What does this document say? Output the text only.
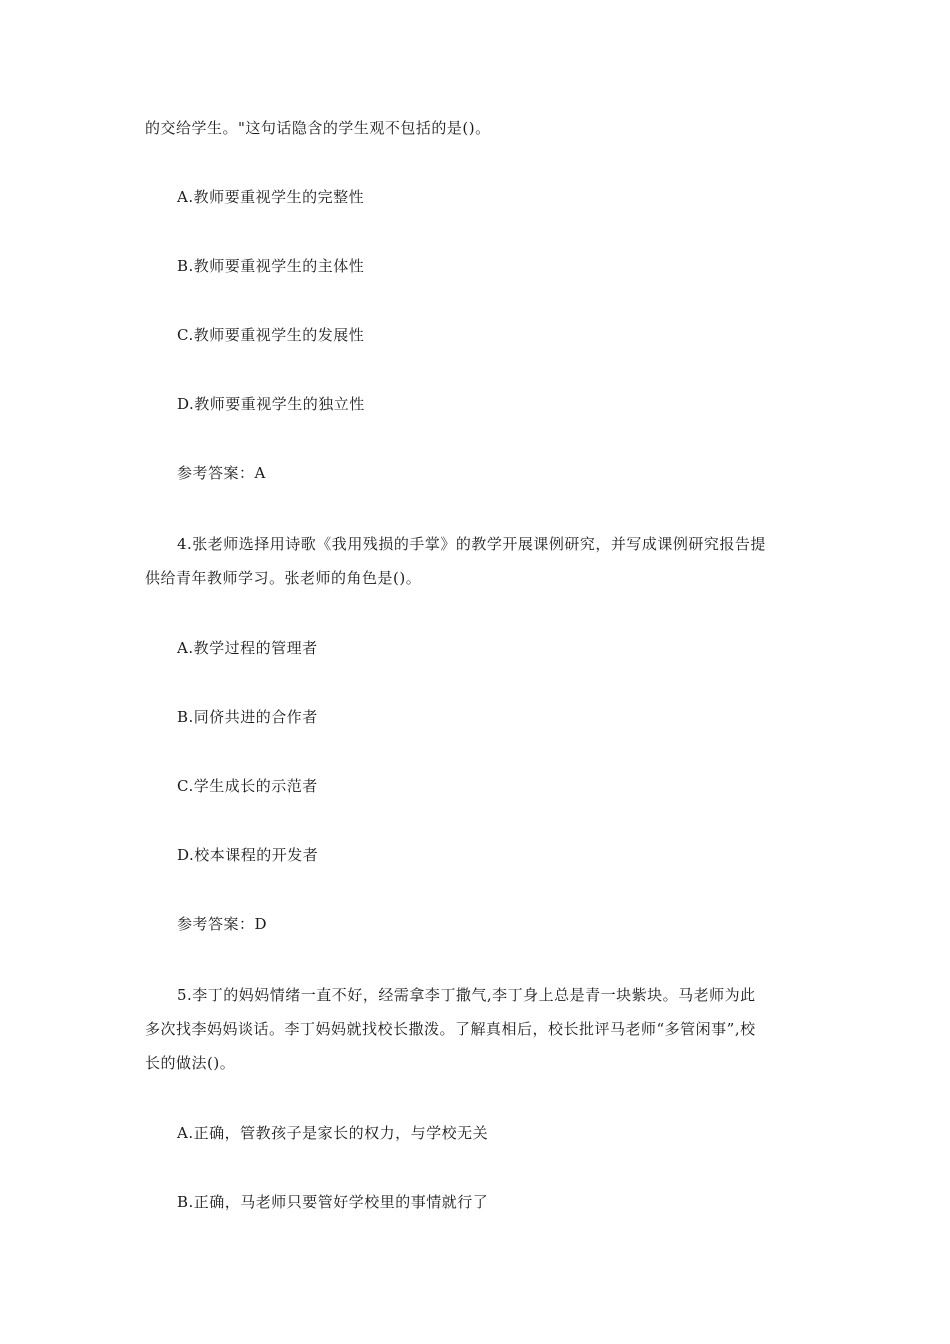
的交给学生。"这句话隐含的学生观不包括的是()。
A.教师要重视学生的完整性
B.教师要重视学生的主体性
C.教师要重视学生的发展性
D.教师要重视学生的独立性
参考答案：A
4.张老师选择用诗歌《我用残损的手掌》的教学开展课例研究，并写成课例研究报告提
供给青年教师学习。张老师的角色是()。
A.教学过程的管理者
B.同侪共进的合作者
C.学生成长的示范者
D.校本课程的开发者
参考答案：D
5.李丁的妈妈情绪一直不好，经需拿李丁撒气,李丁身上总是青一块紫块。马老师为此
多次找李妈妈谈话。李丁妈妈就找校长撒泼。了解真相后，校长批评马老师“多管闲事”,校
长的做法()。
A.正确，管教孩子是家长的权力，与学校无关
B.正确，马老师只要管好学校里的事情就行了
